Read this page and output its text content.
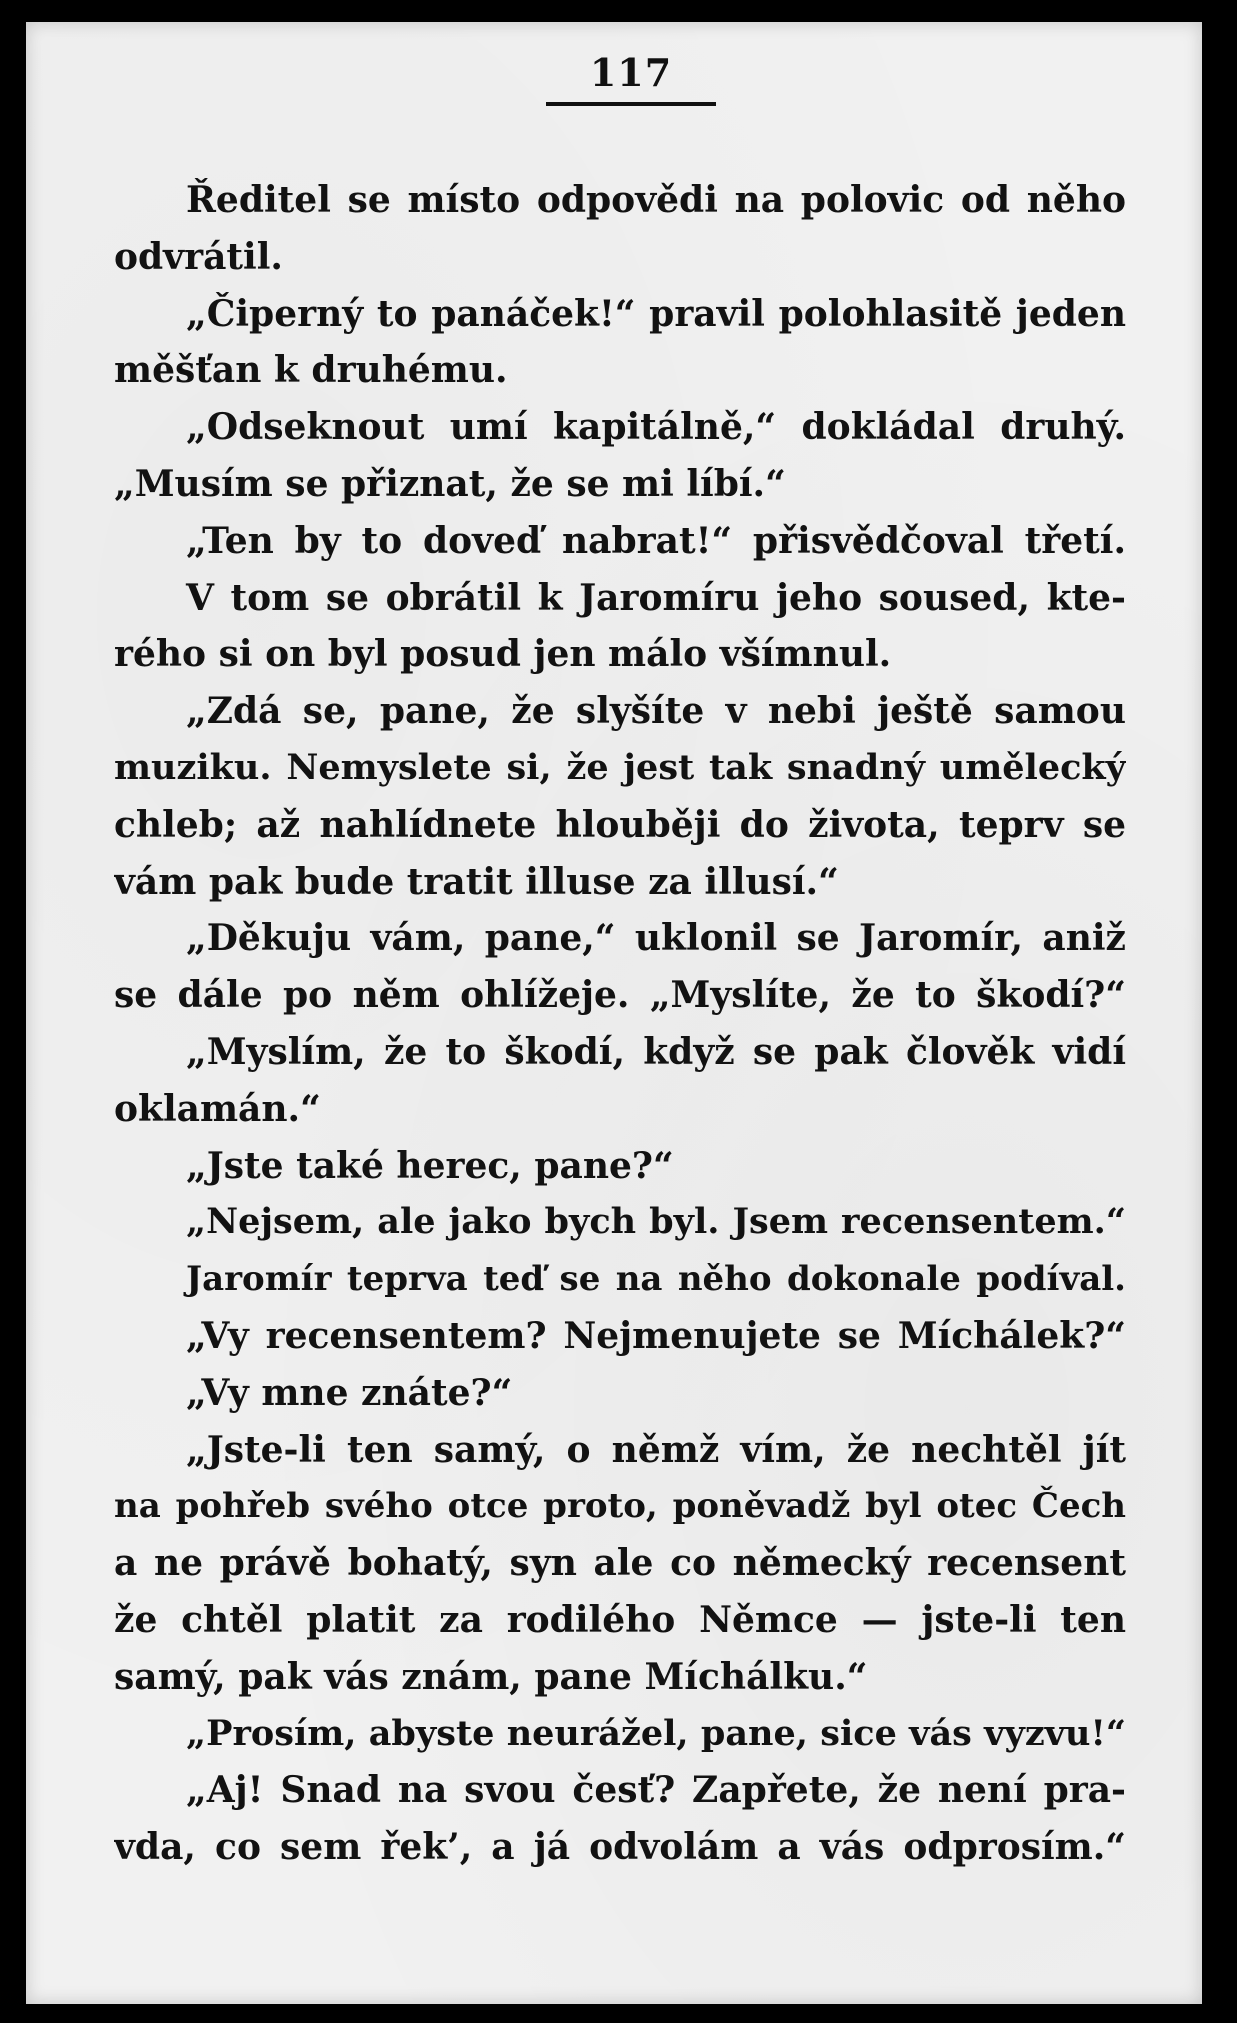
117
Ředitel se místo odpovědi na polovic od něho
odvrátil.
„Čiperný to panáček!“ pravil polohlasitě jeden
měšťan k druhému.
„Odseknout umí kapitálně,“ dokládal druhý.
„Musím se přiznat, že se mi líbí.“
„Ten by to doveď nabrat!“ přisvědčoval třetí.
V tom se obrátil k Jaromíru jeho soused, kte-
rého si on byl posud jen málo všímnul.
„Zdá se, pane, že slyšíte v nebi ještě samou
muziku. Nemyslete si, že jest tak snadný umělecký
chleb; až nahlídnete hlouběji do života, teprv se
vám pak bude tratit illuse za illusí.“
„Děkuju vám, pane,“ uklonil se Jaromír, aniž
se dále po něm ohlížeje. „Myslíte, že to škodí?“
„Myslím, že to škodí, když se pak člověk vidí
oklamán.“
„Jste také herec, pane?“
„Nejsem, ale jako bych byl. Jsem recensentem.“
Jaromír teprva teď se na něho dokonale podíval.
„Vy recensentem? Nejmenujete se Míchálek?“
„Vy mne znáte?“
„Jste-li ten samý, o němž vím, že nechtěl jít
na pohřeb svého otce proto, poněvadž byl otec Čech
a ne právě bohatý, syn ale co německý recensent
že chtěl platit za rodilého Němce — jste-li ten
samý, pak vás znám, pane Míchálku.“
„Prosím, abyste neurážel, pane, sice vás vyzvu!“
„Aj! Snad na svou česť? Zapřete, že není pra-
vda, co sem řek’, a já odvolám a vás odprosím.“
